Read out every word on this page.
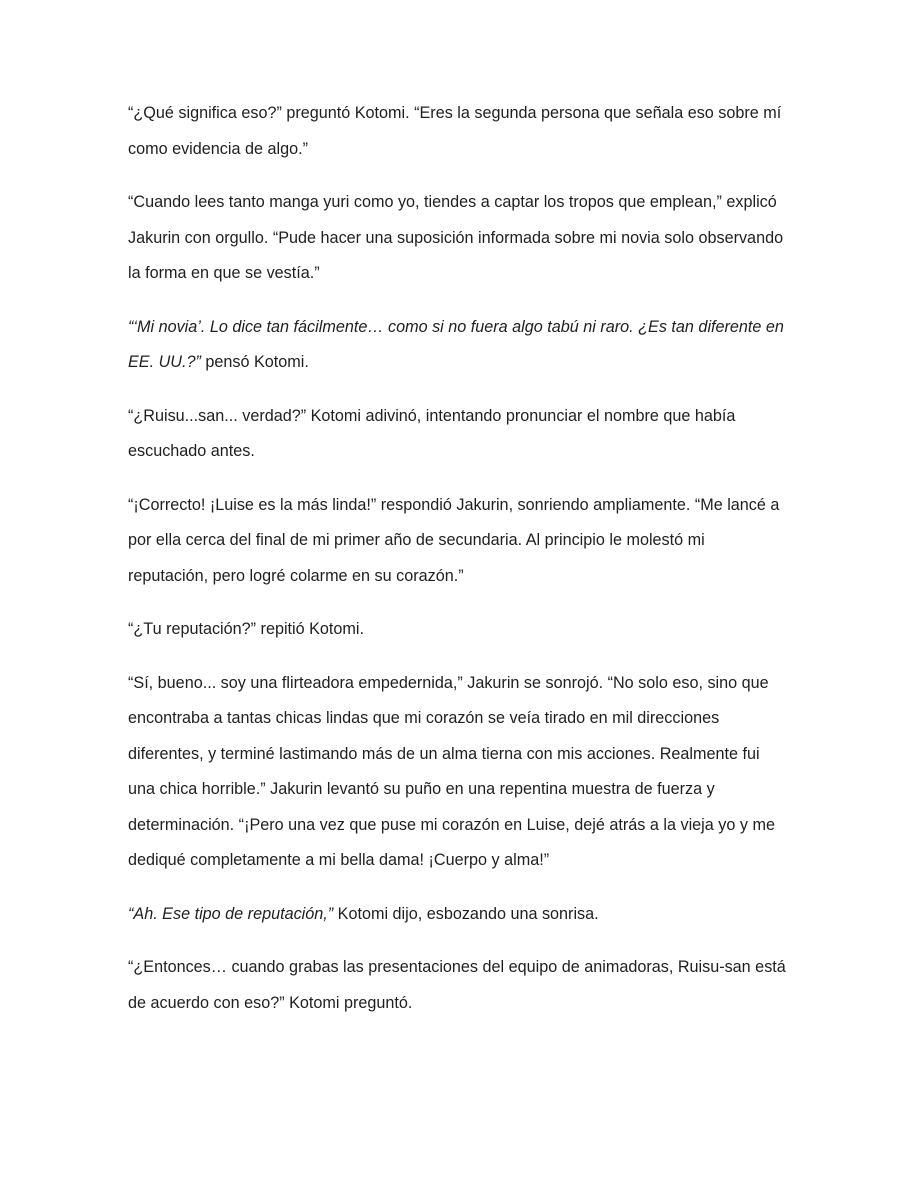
“¿Qué significa eso?” preguntó Kotomi. “Eres la segunda persona que señala eso sobre mí como evidencia de algo.”

“Cuando lees tanto manga yuri como yo, tiendes a captar los tropos que emplean,” explicó Jakurin con orgullo. “Pude hacer una suposición informada sobre mi novia solo observando la forma en que se vestía.”

“‘Mi novia’. Lo dice tan fácilmente… como si no fuera algo tabú ni raro. ¿Es tan diferente en EE. UU.?” pensó Kotomi.

“¿Ruisu...san... verdad?” Kotomi adivinó, intentando pronunciar el nombre que había escuchado antes.

“¡Correcto! ¡Luise es la más linda!” respondió Jakurin, sonriendo ampliamente. “Me lancé a por ella cerca del final de mi primer año de secundaria. Al principio le molestó mi reputación, pero logré colarme en su corazón.”

“¿Tu reputación?” repitió Kotomi.

“Sí, bueno... soy una flirteadora empedernida,” Jakurin se sonrojó. “No solo eso, sino que encontraba a tantas chicas lindas que mi corazón se veía tirado en mil direcciones diferentes, y terminé lastimando más de un alma tierna con mis acciones. Realmente fui una chica horrible.” Jakurin levantó su puño en una repentina muestra de fuerza y determinación. “¡Pero una vez que puse mi corazón en Luise, dejé atrás a la vieja yo y me dediqué completamente a mi bella dama! ¡Cuerpo y alma!”

“Ah. Ese tipo de reputación,” Kotomi dijo, esbozando una sonrisa.

“¿Entonces… cuando grabas las presentaciones del equipo de animadoras, Ruisu-san está de acuerdo con eso?” Kotomi preguntó.
